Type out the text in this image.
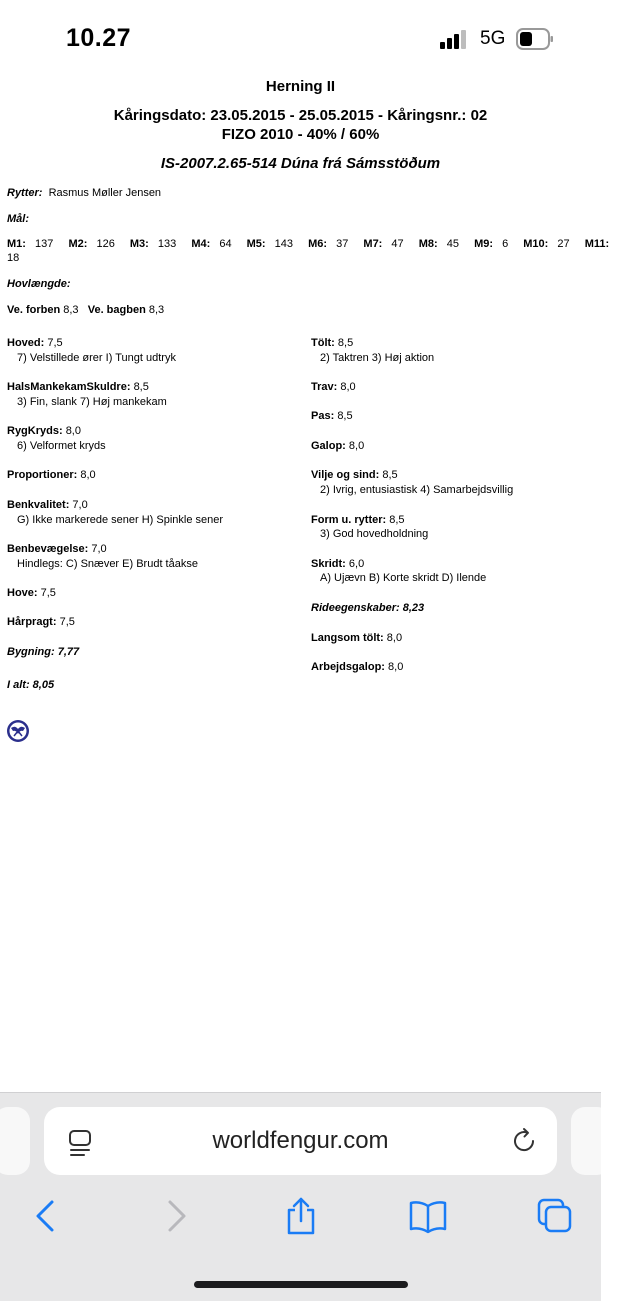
10.27	5G
Herning II
Kåringsdato: 23.05.2015 - 25.05.2015 - Kåringsnr.: 02
FIZO 2010 - 40% / 60%
IS-2007.2.65-514 Dúna frá Sámsstöðum
Rytter: Rasmus Møller Jensen
Mål:
M1: 137 M2: 126 M3: 133 M4: 64 M5: 143 M6: 37 M7: 47 M8: 45 M9: 6 M10: 27 M11:
18
Hovlængde:
Ve. forben 8,3 Ve. bagben 8,3
Hoved: 7,5
7) Velstillede ører I) Tungt udtryk
HalsMankekamSkuldre: 8,5
3) Fin, slank 7) Høj mankekam
RygKryds: 8,0
6) Velformet kryds
Proportioner: 8,0
Benkvalitet: 7,0
G) Ikke markerede sener H) Spinkle sener
Benbevægelse: 7,0
Hindlegs: C) Snæver E) Brudt tåakse
Hove: 7,5
Hårpragt: 7,5
Bygning: 7,77
I alt: 8,05
Tölt: 8,5
2) Taktren 3) Høj aktion
Trav: 8,0
Pas: 8,5
Galop: 8,0
Vilje og sind: 8,5
2) Ivrig, entusiastisk 4) Samarbejdsvillig
Form u. rytter: 8,5
3) God hovedholdning
Skridt: 6,0
A) Ujævn B) Korte skridt D) Ilende
Rideegenskaber: 8,23
Langsom tölt: 8,0
Arbejdsgalop: 8,0
worldfengur.com
